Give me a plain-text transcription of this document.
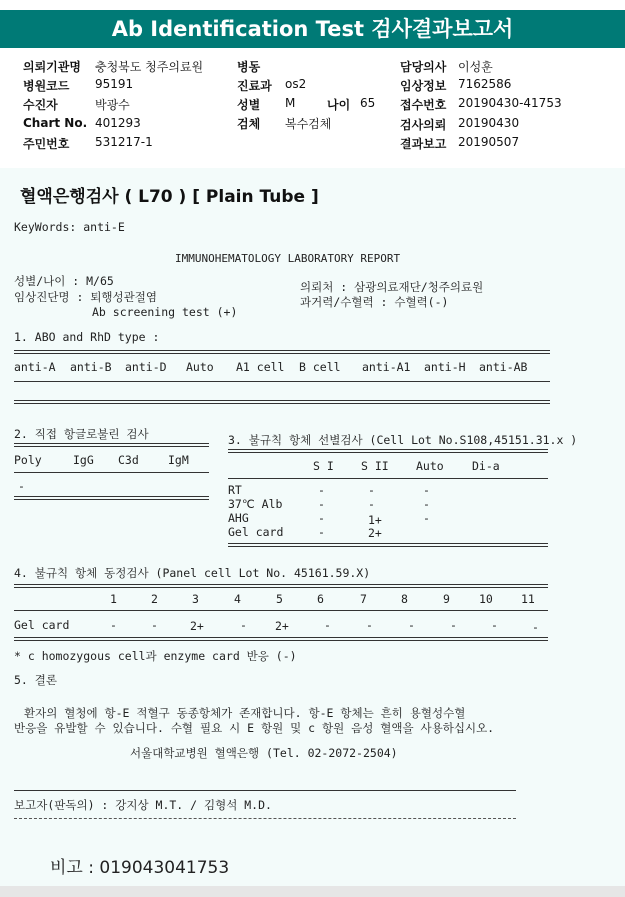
Ab Identification Test 검사결과보고서
의뢰기관명 충청북도 청주의료원
병원코드 95191
수진자	박광수
Chart No. 401293
주민번호 531217-1
병동
진료과 os2
성별 M	나이 65
검체 복수검체
담당의사 이성훈
임상정보 7162586
접수번호 20190430-41753
검사의뢰 20190430
결과보고 20190507
혈액은행검사 ( L70 ) [ Plain Tube ]
KeyWords: anti-E
IMMUNOHEMATOLOGY LABORATORY REPORT
성별/나이 : M/65
임상진단명 : 퇴행성관절염
Ab screening test (+)
의뢰처 : 삼광의료재단/청주의료원
과거력/수혈력 : 수혈력(-)
1. ABO and RhD type :
anti-A anti-B anti-D Auto A1 cell B cell anti-A1 anti-H anti-AB
2. 직접 항글로불린 검사
Poly	IgG C3d	IgM
-
3. 불규칙 항체 선별검사 (Cell Lot No.S108,45151.31.x )
S I S II Auto Di-a
RT	-	-	-
37℃ Alb	-	-	-
AHG	-	1+	-
Gel card	-	2+
4. 불규칙 항체 동정검사 (Panel cell Lot No. 45161.59.X)
1	2	3	4	5	6	7	8	9	10 11
Gel card	-	-	2+	- 2+	-	-	-	-	-	-
* c homozygous cell과 enzyme card 반응 (-)
5. 결론
환자의 혈청에 항-E 적혈구 동종항체가 존재합니다. 항-E 항체는 흔히 용혈성수혈
반응을 유발할 수 있습니다. 수혈 필요 시 E 항원 및 c 항원 음성 혈액을 사용하십시오.
서울대학교병원 혈액은행 (Tel. 02-2072-2504)
보고자(판독의) : 강지상 M.T. / 김형석 M.D.
비고 : 019043041753
